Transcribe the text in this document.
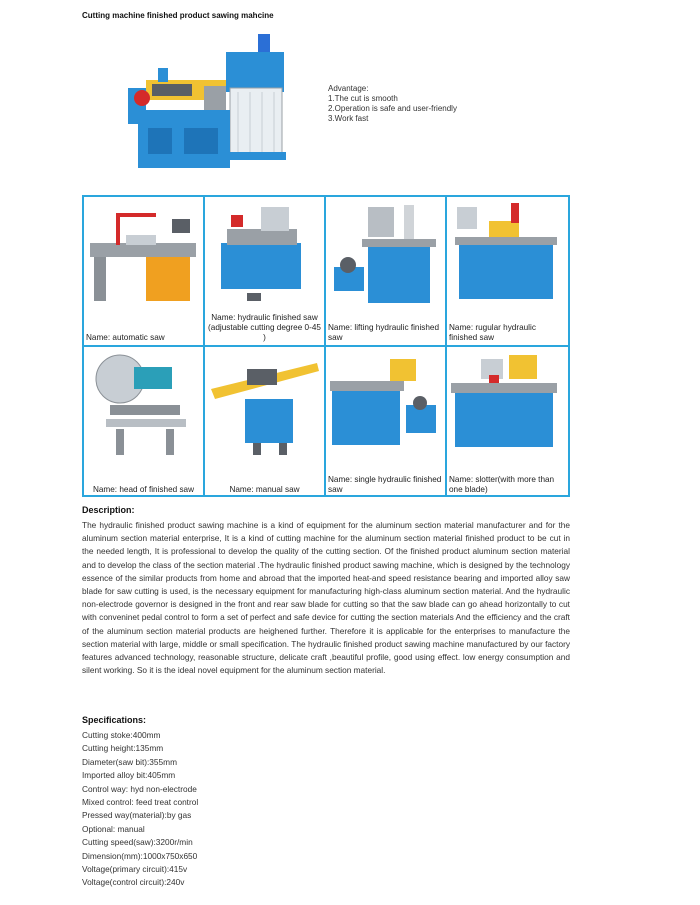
Cutting machine finished product sawing mahcine
Advantage:
1.The cut is smooth
2.Operation is safe and user-friendly
3.Work fast
Name: automatic saw
Name: hydraulic finished saw (adjustable cutting degree 0-45 )
Name: lifting hydraulic finished saw
Name: rugular hydraulic finished saw
Name: head of finished saw	Name: manual saw
Name: single hydraulic finished saw
Name: slotter(with more than one blade)
Description:
The hydraulic finished product sawing machine is a kind of equipment for the aluminum section material manufacturer and for the aluminum section material enterprise, It is a kind of cutting machine for the aluminum section material finished product to be cut in the needed length, It is professional to develop the quality of the cutting section. Of the finished product aluminum section material and to develop the class of the section material .The hydraulic finished product sawing machine, which is designed by the technology essence of the similar products from home and abroad that the imported heat-and speed resistance bearing and imported alloy saw blade for saw cutting is used, is the necessary equipment for manufacturing high-class aluminum section material. And the hydraulic non-electrode governor is designed in the front and rear saw blade for cutting so that the saw blade can go ahead horizontally to cut with conveninet pedal control to form a set of perfect and safe device for cutting the section materials And the efficiency and the craft of the aluminum section material products are heighened further. Therefore it is applicable for the enterprises to manufacture the section material with large, middle or small specification. The hydraulic finished product sawing machine manufactured by our factory features advanced technology, reasonable structure, delicate craft ,beautiful profile, good using effect. low energy consumption and silent working. So it is the ideal novel equipment for the aluminum section material.
Specifications:
Cutting stoke:400mm
Cutting height:135mm
Diameter(saw bit):355mm
Imported alloy bit:405mm
Control way: hyd non-electrode
Mixed control: feed treat control
Pressed way(material):by gas
Optional: manual
Cutting speed(saw):3200r/min
Dimension(mm):1000x750x650
Voltage(primary circuit):415v
Voltage(control circuit):240v
